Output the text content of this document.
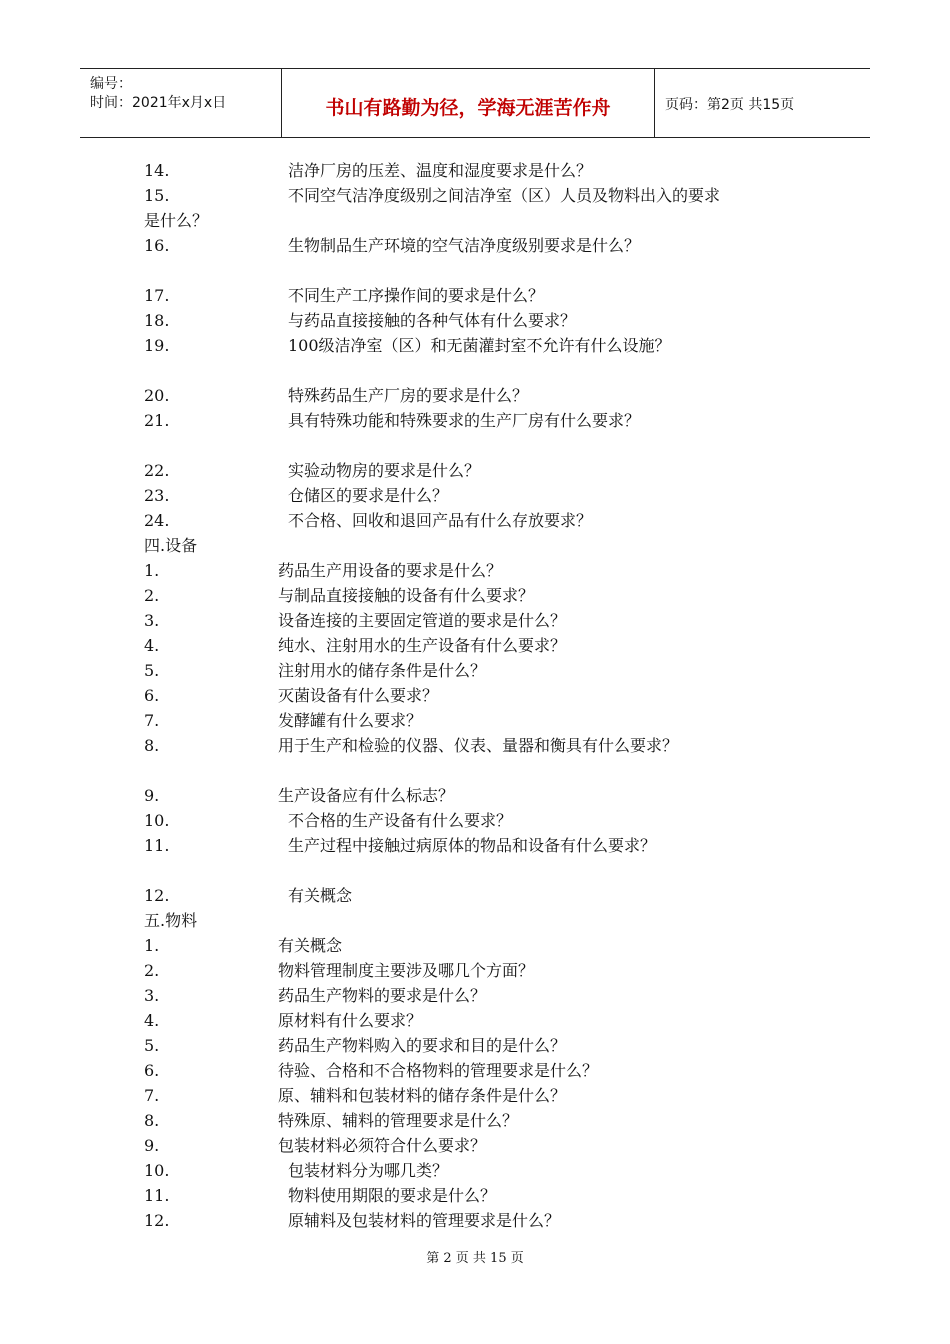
编号：
时间：2021年x月x日	书山有路勤为径，学海无涯苦作舟	页码：第2页 共15页
14.	洁净厂房的压差、温度和湿度要求是什么？
15.	不同空气洁净度级别之间洁净室（区）人员及物料出入的要求
是什么？
16.	生物制品生产环境的空气洁净度级别要求是什么？
17.	不同生产工序操作间的要求是什么？
18.	与药品直接接触的各种气体有什么要求？
19.	100级洁净室（区）和无菌灌封室不允许有什么设施？
20.	特殊药品生产厂房的要求是什么？
21.	具有特殊功能和特殊要求的生产厂房有什么要求？
22.	实验动物房的要求是什么？
23.	仓储区的要求是什么？
24.	不合格、回收和退回产品有什么存放要求？
四.设备
1.	药品生产用设备的要求是什么？
2.	与制品直接接触的设备有什么要求？
3.	设备连接的主要固定管道的要求是什么？
4.	纯水、注射用水的生产设备有什么要求？
5.	注射用水的储存条件是什么？
6.	灭菌设备有什么要求？
7.	发酵罐有什么要求？
8.	用于生产和检验的仪器、仪表、量器和衡具有什么要求？
9.	生产设备应有什么标志？
10.	不合格的生产设备有什么要求？
11.	生产过程中接触过病原体的物品和设备有什么要求？
12.	有关概念
五.物料
1.	有关概念
2.	物料管理制度主要涉及哪几个方面？
3.	药品生产物料的要求是什么？
4.	原材料有什么要求？
5.	药品生产物料购入的要求和目的是什么？
6.	待验、合格和不合格物料的管理要求是什么？
7.	原、辅料和包装材料的储存条件是什么？
8.	特殊原、辅料的管理要求是什么？
9.	包装材料必须符合什么要求？
10.	包装材料分为哪几类？
11.	物料使用期限的要求是什么？
12.	原辅料及包装材料的管理要求是什么？
第 2 页 共 15 页
